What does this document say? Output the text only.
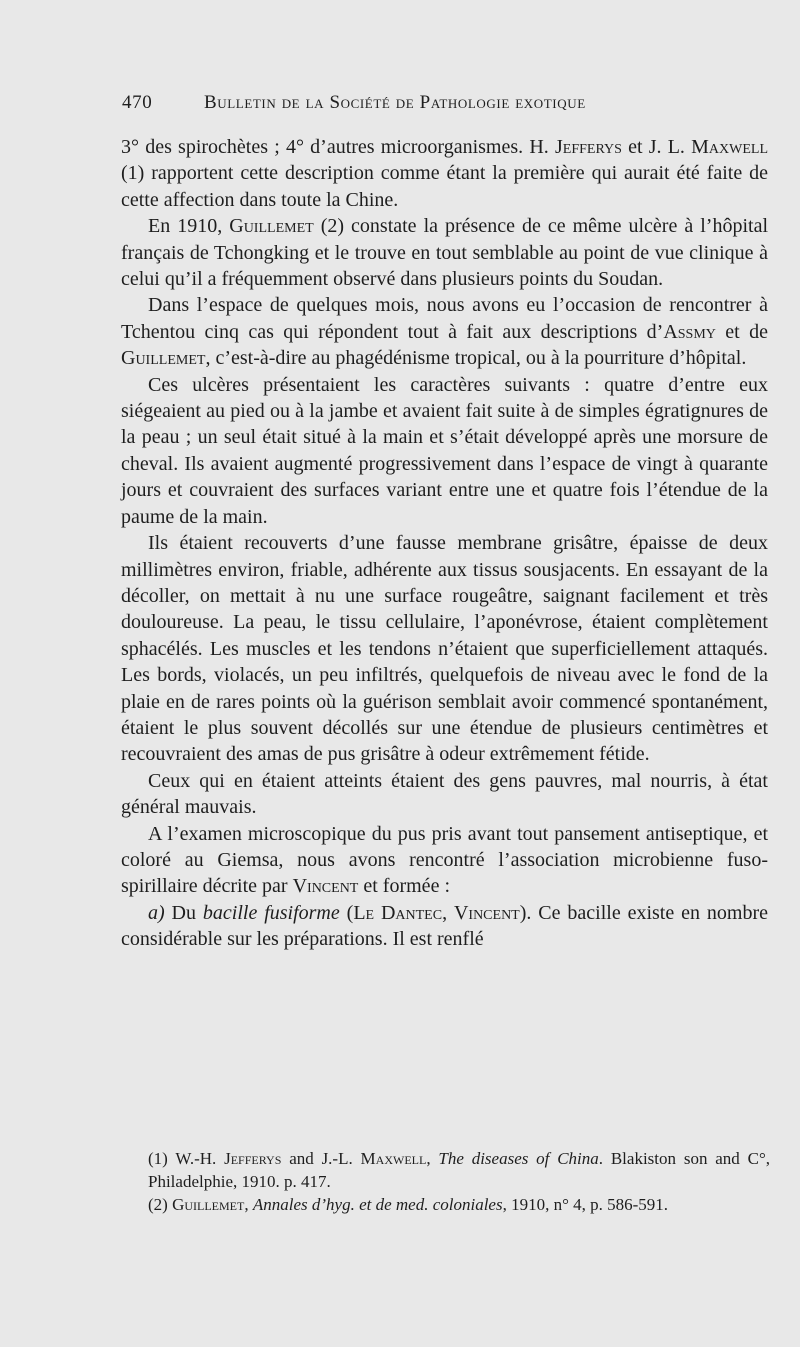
470	Bulletin de la Société de Pathologie exotique

3° des spirochètes ; 4° d’autres microorganismes. H. Jefferys et J. L. Maxwell (1) rapportent cette description comme étant la première qui aurait été faite de cette affection dans toute la Chine.

En 1910, Guillemet (2) constate la présence de ce même ulcère à l’hôpital français de Tchongking et le trouve en tout semblable au point de vue clinique à celui qu’il a fréquemment observé dans plusieurs points du Soudan.

Dans l’espace de quelques mois, nous avons eu l’occasion de rencontrer à Tchentou cinq cas qui répondent tout à fait aux descriptions d’Assmy et de Guillemet, c’est-à-dire au phagédénisme tropical, ou à la pourriture d’hôpital.

Ces ulcères présentaient les caractères suivants : quatre d’entre eux siégeaient au pied ou à la jambe et avaient fait suite à de simples égratignures de la peau ; un seul était situé à la main et s’était développé après une morsure de cheval. Ils avaient augmenté progressivement dans l’espace de vingt à quarante jours et couvraient des surfaces variant entre une et quatre fois l’étendue de la paume de la main.

Ils étaient recouverts d’une fausse membrane grisâtre, épaisse de deux millimètres environ, friable, adhérente aux tissus sousjacents. En essayant de la décoller, on mettait à nu une surface rougeâtre, saignant facilement et très douloureuse. La peau, le tissu cellulaire, l’aponévrose, étaient complètement sphacélés. Les muscles et les tendons n’étaient que superficiellement attaqués. Les bords, violacés, un peu infiltrés, quelquefois de niveau avec le fond de la plaie en de rares points où la guérison semblait avoir commencé spontanément, étaient le plus souvent décollés sur une étendue de plusieurs centimètres et recouvraient des amas de pus grisâtre à odeur extrêmement fétide.

Ceux qui en étaient atteints étaient des gens pauvres, mal nourris, à état général mauvais.

A l’examen microscopique du pus pris avant tout pansement antiseptique, et coloré au Giemsa, nous avons rencontré l’association microbienne fuso-spirillaire décrite par Vincent et formée :

a) Du bacille fusiforme (Le Dantec, Vincent). Ce bacille existe en nombre considérable sur les préparations. Il est renflé

(1) W.-H. Jefferys and J.-L. Maxwell, The diseases of China. Blakiston son and C°, Philadelphie, 1910. p. 417.

(2) Guillemet, Annales d’hyg. et de med. coloniales, 1910, n° 4, p. 586-591.
